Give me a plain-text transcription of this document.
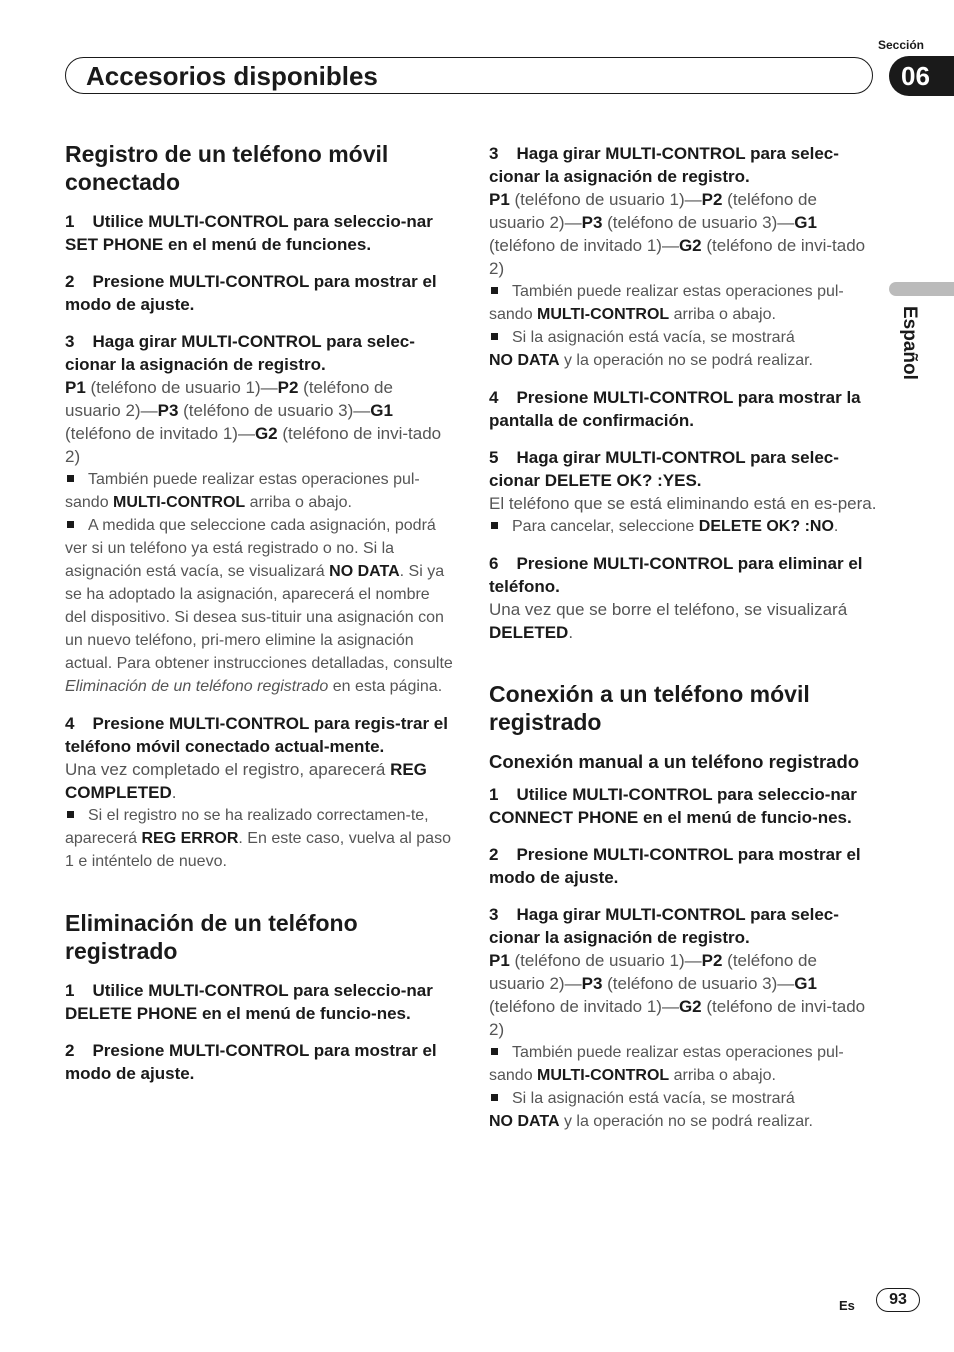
Sección
06
Accesorios disponibles
Español
Registro de un teléfono móvil conectado

1 Utilice MULTI-CONTROL para seleccio-nar SET PHONE en el menú de funciones.

2 Presione MULTI-CONTROL para mostrar el modo de ajuste.

3 Haga girar MULTI-CONTROL para selec-cionar la asignación de registro.

P1 (teléfono de usuario 1)—P2 (teléfono de usuario 2)—P3 (teléfono de usuario 3)—G1 (teléfono de invitado 1)—G2 (teléfono de invi-tado 2)

También puede realizar estas operaciones pul-sando MULTI-CONTROL arriba o abajo.

A medida que seleccione cada asignación, podrá ver si un teléfono ya está registrado o no. Si la asignación está vacía, se visualizará NO DATA. Si ya se ha adoptado la asignación, aparecerá el nombre del dispositivo. Si desea sus-tituir una asignación con un nuevo teléfono, pri-mero elimine la asignación actual. Para obtener instrucciones detalladas, consulte Eliminación de un teléfono registrado en esta página.

4 Presione MULTI-CONTROL para regis-trar el teléfono móvil conectado actual-mente.

Una vez completado el registro, aparecerá REG COMPLETED.

Si el registro no se ha realizado correctamen-te, aparecerá REG ERROR. En este caso, vuelva al paso 1 e inténtelo de nuevo.

Eliminación de un teléfono registrado

1 Utilice MULTI-CONTROL para seleccio-nar DELETE PHONE en el menú de funcio-nes.

2 Presione MULTI-CONTROL para mostrar el modo de ajuste.

3 Haga girar MULTI-CONTROL para selec-cionar la asignación de registro.

P1 (teléfono de usuario 1)—P2 (teléfono de usuario 2)—P3 (teléfono de usuario 3)—G1 (teléfono de invitado 1)—G2 (teléfono de invi-tado 2)

También puede realizar estas operaciones pul-sando MULTI-CONTROL arriba o abajo.

Si la asignación está vacía, se mostrará
NO DATA y la operación no se podrá realizar.

4 Presione MULTI-CONTROL para mostrar la pantalla de confirmación.

5 Haga girar MULTI-CONTROL para selec-cionar DELETE OK? :YES.

El teléfono que se está eliminando está en es-pera.

Para cancelar, seleccione DELETE OK? :NO.

6 Presione MULTI-CONTROL para eliminar el teléfono.

Una vez que se borre el teléfono, se visualizará
DELETED.

Conexión a un teléfono móvil registrado
Conexión manual a un teléfono registrado

1 Utilice MULTI-CONTROL para seleccio-nar CONNECT PHONE en el menú de funcio-nes.

2 Presione MULTI-CONTROL para mostrar el modo de ajuste.

3 Haga girar MULTI-CONTROL para selec-cionar la asignación de registro.

P1 (teléfono de usuario 1)—P2 (teléfono de usuario 2)—P3 (teléfono de usuario 3)—G1 (teléfono de invitado 1)—G2 (teléfono de invi-tado 2)

También puede realizar estas operaciones pul-sando MULTI-CONTROL arriba o abajo.

Si la asignación está vacía, se mostrará
NO DATA y la operación no se podrá realizar.

Es	93
